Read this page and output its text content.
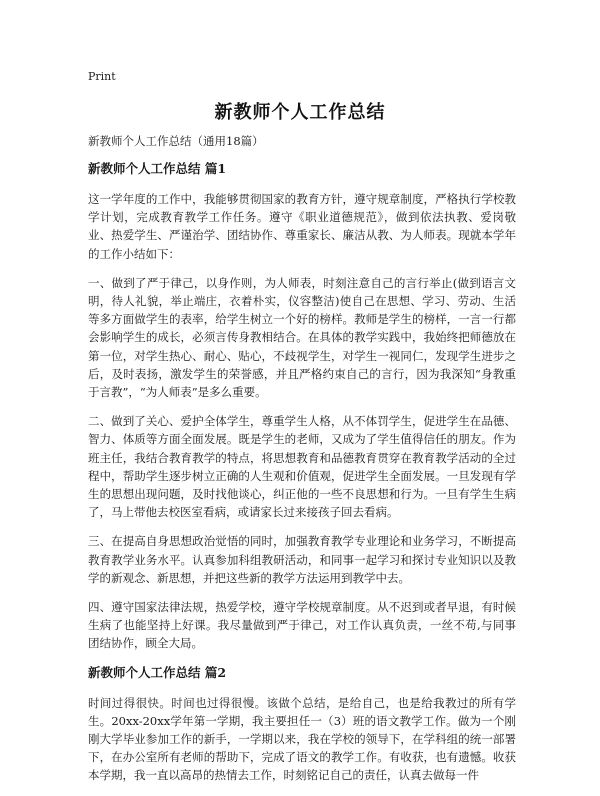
Print
新教师个人工作总结

新教师个人工作总结（通用18篇）

新教师个人工作总结 篇1

这一学年度的工作中，我能够贯彻国家的教育方针，遵守规章制度，严格执行学校教学计划，完成教育教学工作任务。遵守《职业道德规范》，做到依法执教、爱岗敬业、热爱学生、严谨治学、团结协作、尊重家长、廉洁从教、为人师表。现就本学年的工作小结如下：

一、做到了严于律己，以身作则，为人师表，时刻注意自己的言行举止(做到语言文明，待人礼貌，举止端庄，衣着朴实，仪容整洁)使自己在思想、学习、劳动、生活等多方面做学生的表率，给学生树立一个好的榜样。教师是学生的榜样，一言一行都会影响学生的成长，必须言传身教相结合。在具体的教学实践中，我始终把师德放在第一位，对学生热心、耐心、贴心，不歧视学生，对学生一视同仁，发现学生进步之后，及时表扬，激发学生的荣誉感，并且严格约束自己的言行，因为我深知“身教重于言教”，“为人师表”是多么重要。

二、做到了关心、爱护全体学生，尊重学生人格，从不体罚学生，促进学生在品德、智力、体质等方面全面发展。既是学生的老师，又成为了学生值得信任的朋友。作为班主任，我结合教育教学的特点，将思想教育和品德教育贯穿在教育教学活动的全过程中，帮助学生逐步树立正确的人生观和价值观，促进学生全面发展。一旦发现有学生的思想出现问题，及时找他谈心，纠正他的一些不良思想和行为。一旦有学生生病了，马上带他去校医室看病，或请家长过来接孩子回去看病。

三、在提高自身思想政治觉悟的同时，加强教育教学专业理论和业务学习，不断提高教育教学业务水平。认真参加科组教研活动，和同事一起学习和探讨专业知识以及教学的新观念、新思想，并把这些新的教学方法运用到教学中去。

四、遵守国家法律法规，热爱学校，遵守学校规章制度。从不迟到或者早退，有时候生病了也能坚持上好课。我尽量做到严于律己，对工作认真负责，一丝不苟,与同事团结协作，顾全大局。

新教师个人工作总结 篇2

时间过得很快。时间也过得很慢。该做个总结，是给自己，也是给我教过的所有学生。20xx-20xx学年第一学期，我主要担任一（3）班的语文教学工作。做为一个刚刚大学毕业参加工作的新手，一学期以来，我在学校的领导下，在学科组的统一部署下，在办公室所有老师的帮助下，完成了语文的教学工作。有收获，也有遗憾。收获本学期，我一直以高昂的热情去工作，时刻铭记自己的责任，认真去做每一件
